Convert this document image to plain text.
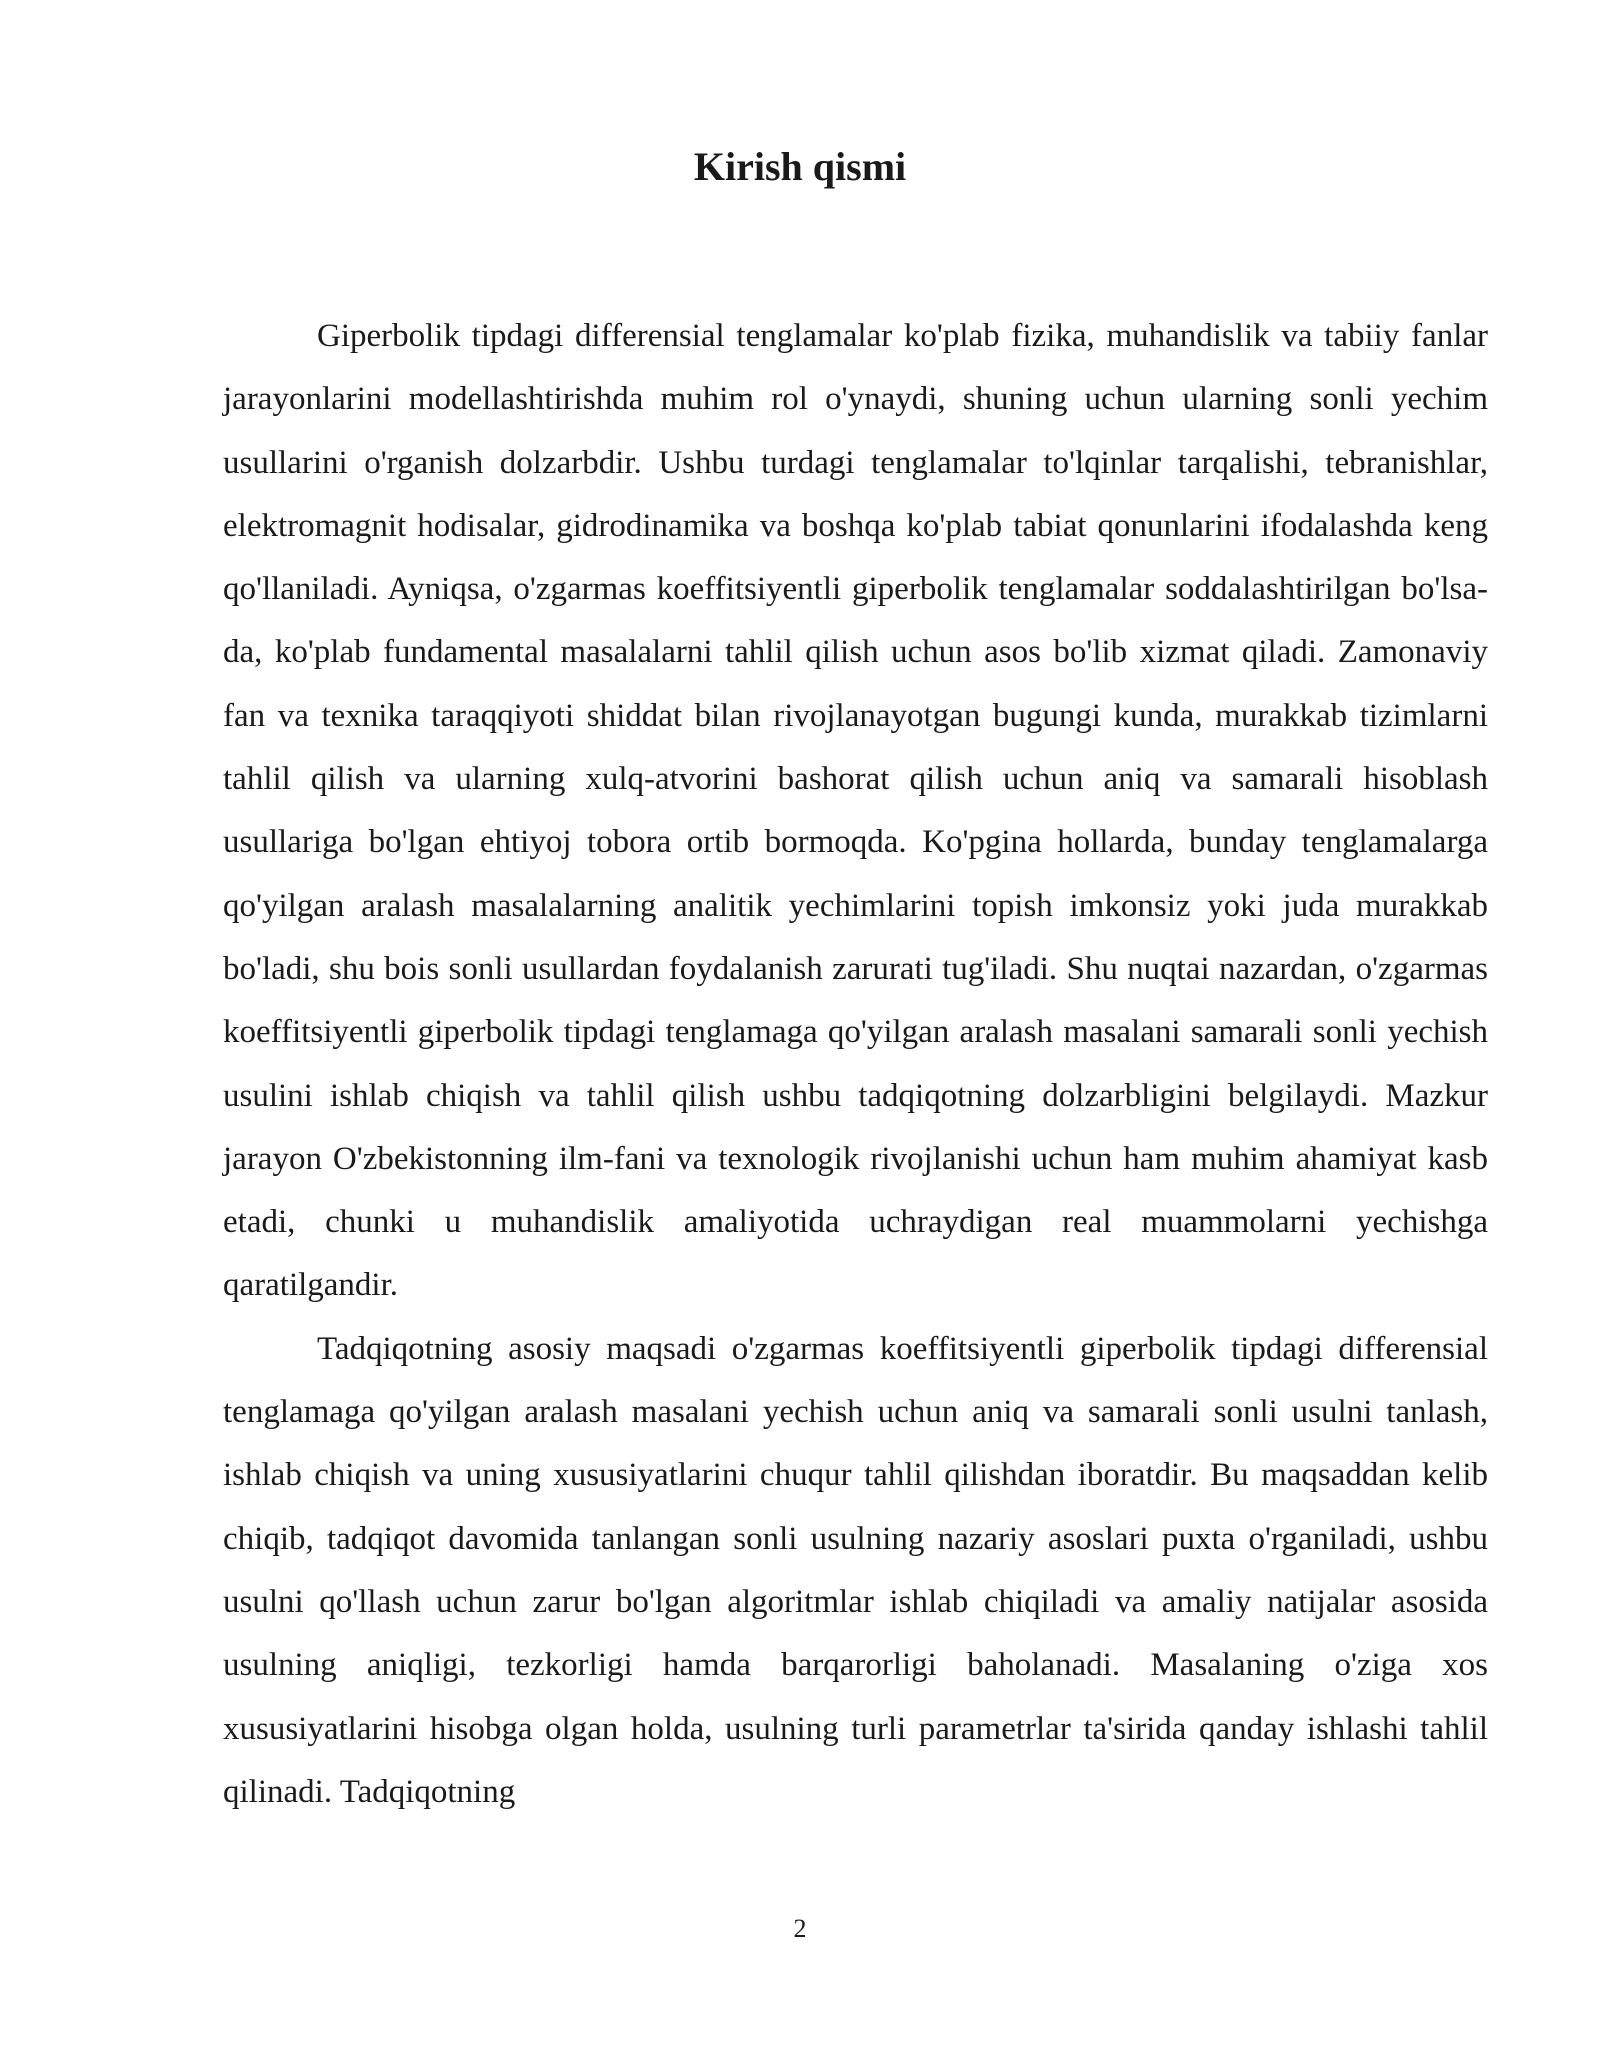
Kirish qismi

Giperbolik tipdagi differensial tenglamalar ko'plab fizika, muhandislik va tabiiy fanlar jarayonlarini modellashtirishda muhim rol o'ynaydi, shuning uchun ularning sonli yechim usullarini o'rganish dolzarbdir. Ushbu turdagi tenglamalar to'lqinlar tarqalishi, tebranishlar, elektromagnit hodisalar, gidrodinamika va boshqa ko'plab tabiat qonunlarini ifodalashda keng qo'llaniladi. Ayniqsa, o'zgarmas koeffitsiyentli giperbolik tenglamalar soddalashtirilgan bo'lsa-da, ko'plab fundamental masalalarni tahlil qilish uchun asos bo'lib xizmat qiladi. Zamonaviy fan va texnika taraqqiyoti shiddat bilan rivojlanayotgan bugungi kunda, murakkab tizimlarni tahlil qilish va ularning xulq-atvorini bashorat qilish uchun aniq va samarali hisoblash usullariga bo'lgan ehtiyoj tobora ortib bormoqda. Ko'pgina hollarda, bunday tenglamalarga qo'yilgan aralash masalalarning analitik yechimlarini topish imkonsiz yoki juda murakkab bo'ladi, shu bois sonli usullardan foydalanish zarurati tug'iladi. Shu nuqtai nazardan, o'zgarmas koeffitsiyentli giperbolik tipdagi tenglamaga qo'yilgan aralash masalani samarali sonli yechish usulini ishlab chiqish va tahlil qilish ushbu tadqiqotning dolzarbligini belgilaydi. Mazkur jarayon O'zbekistonning ilm-fani va texnologik rivojlanishi uchun ham muhim ahamiyat kasb etadi, chunki u muhandislik amaliyotida uchraydigan real muammolarni yechishga qaratilgandir.

Tadqiqotning asosiy maqsadi o'zgarmas koeffitsiyentli giperbolik tipdagi differensial tenglamaga qo'yilgan aralash masalani yechish uchun aniq va samarali sonli usulni tanlash, ishlab chiqish va uning xususiyatlarini chuqur tahlil qilishdan iboratdir. Bu maqsaddan kelib chiqib, tadqiqot davomida tanlangan sonli usulning nazariy asoslari puxta o'rganiladi, ushbu usulni qo'llash uchun zarur bo'lgan algoritmlar ishlab chiqiladi va amaliy natijalar asosida usulning aniqligi, tezkorligi hamda barqarorligi baholanadi. Masalaning o'ziga xos xususiyatlarini hisobga olgan holda, usulning turli parametrlar ta'sirida qanday ishlashi tahlil qilinadi. Tadqiqotning

2
